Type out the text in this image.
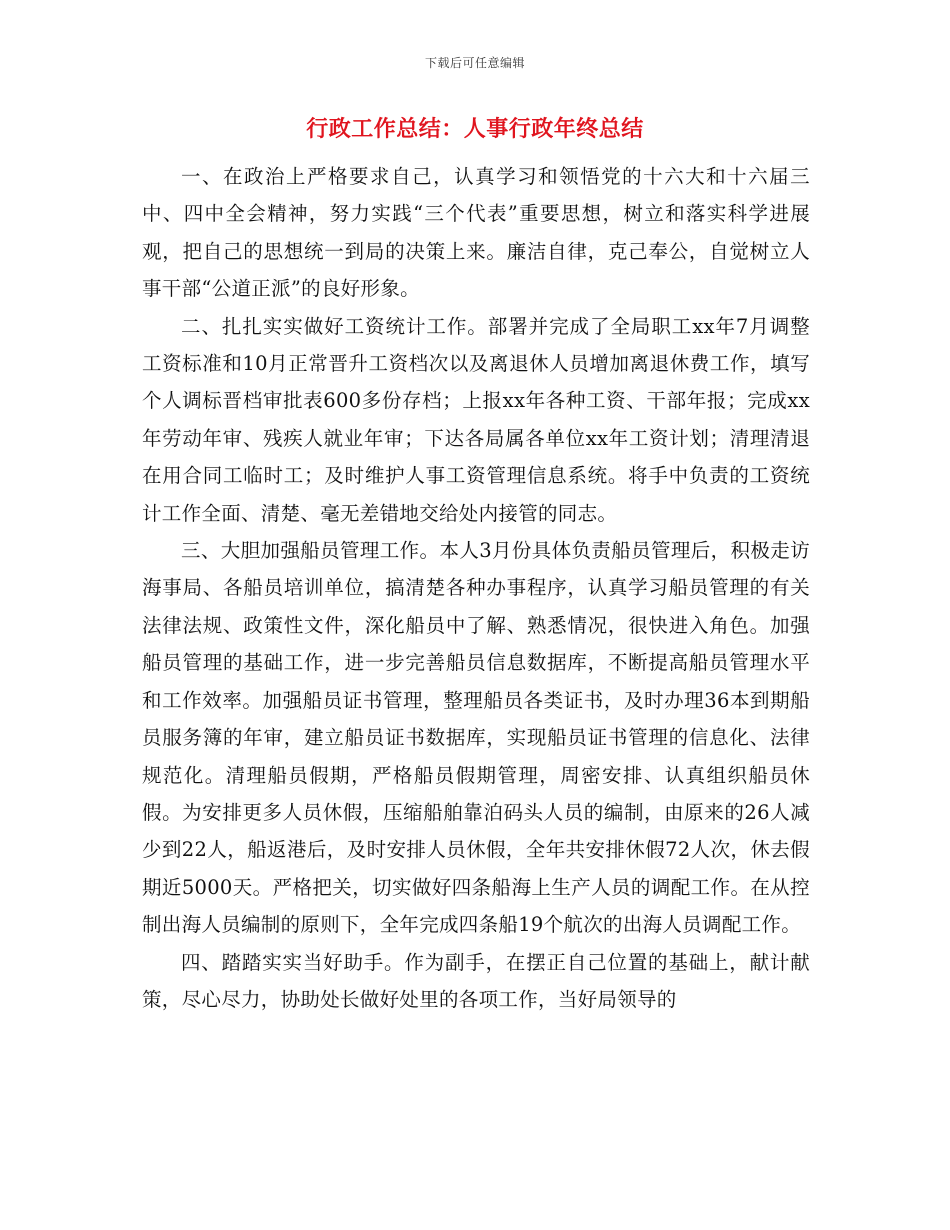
下载后可任意编辑
行政工作总结：人事行政年终总结

一、在政治上严格要求自己，认真学习和领悟党的十六大和十六届三中、四中全会精神，努力实践“三个代表”重要思想，树立和落实科学进展观，把自己的思想统一到局的决策上来。廉洁自律，克己奉公，自觉树立人事干部“公道正派”的良好形象。

二、扎扎实实做好工资统计工作。部署并完成了全局职工xx年7月调整工资标准和10月正常晋升工资档次以及离退休人员增加离退休费工作，填写个人调标晋档审批表600多份存档；上报xx年各种工资、干部年报；完成xx年劳动年审、残疾人就业年审；下达各局属各单位xx年工资计划；清理清退在用合同工临时工；及时维护人事工资管理信息系统。将手中负责的工资统计工作全面、清楚、毫无差错地交给处内接管的同志。

三、大胆加强船员管理工作。本人3月份具体负责船员管理后，积极走访海事局、各船员培训单位，搞清楚各种办事程序，认真学习船员管理的有关法律法规、政策性文件，深化船员中了解、熟悉情况，很快进入角色。加强船员管理的基础工作，进一步完善船员信息数据库，不断提高船员管理水平和工作效率。加强船员证书管理，整理船员各类证书，及时办理36本到期船员服务簿的年审，建立船员证书数据库，实现船员证书管理的信息化、法律规范化。清理船员假期，严格船员假期管理，周密安排、认真组织船员休假。为安排更多人员休假，压缩船舶靠泊码头人员的编制，由原来的26人减少到22人，船返港后，及时安排人员休假，全年共安排休假72人次，休去假期近5000天。严格把关，切实做好四条船海上生产人员的调配工作。在从控制出海人员编制的原则下，全年完成四条船19个航次的出海人员调配工作。

四、踏踏实实当好助手。作为副手，在摆正自己位置的基础上，献计献策，尽心尽力，协助处长做好处里的各项工作，当好局领导的
